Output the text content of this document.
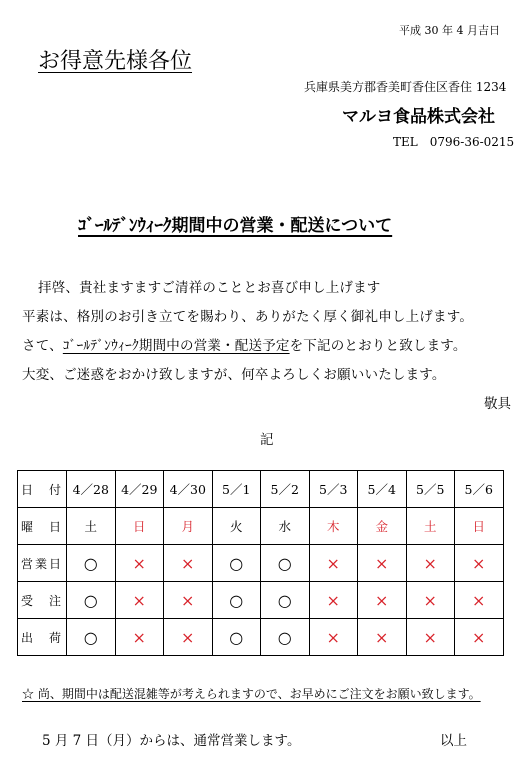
平成 30 年 4 月吉日
お得意先様各位
兵庫県美方郡香美町香住区香住 1234
マルヨ食品株式会社
TEL　0796-36-0215
ｺﾞｰﾙﾃﾞﾝｳｨｰｸ期間中の営業・配送について
拝啓、貴社ますますご清祥のこととお喜び申し上げます
平素は、格別のお引き立てを賜わり、ありがたく厚く御礼申し上げます。
さて、ｺﾞｰﾙﾃﾞﾝｳｨｰｸ期間中の営業・配送予定を下記のとおりと致します。
大変、ご迷惑をおかけ致しますが、何卒よろしくお願いいたします。
敬具
記
日　付	4／28	4／29	4／30	5／1	5／2	5／3	5／4	5／5	5／6
曜　日	土	日	月	火	水	木	金	土	日
営業日	○	×	×	○	○	×	×	×	×
受　注	○	×	×	○	○	×	×	×	×
出　荷	○	×	×	○	○	×	×	×	×
☆ 尚、期間中は配送混雑等が考えられますので、お早めにご注文をお願い致します。
5 月 7 日（月）からは、通常営業します。	以上
